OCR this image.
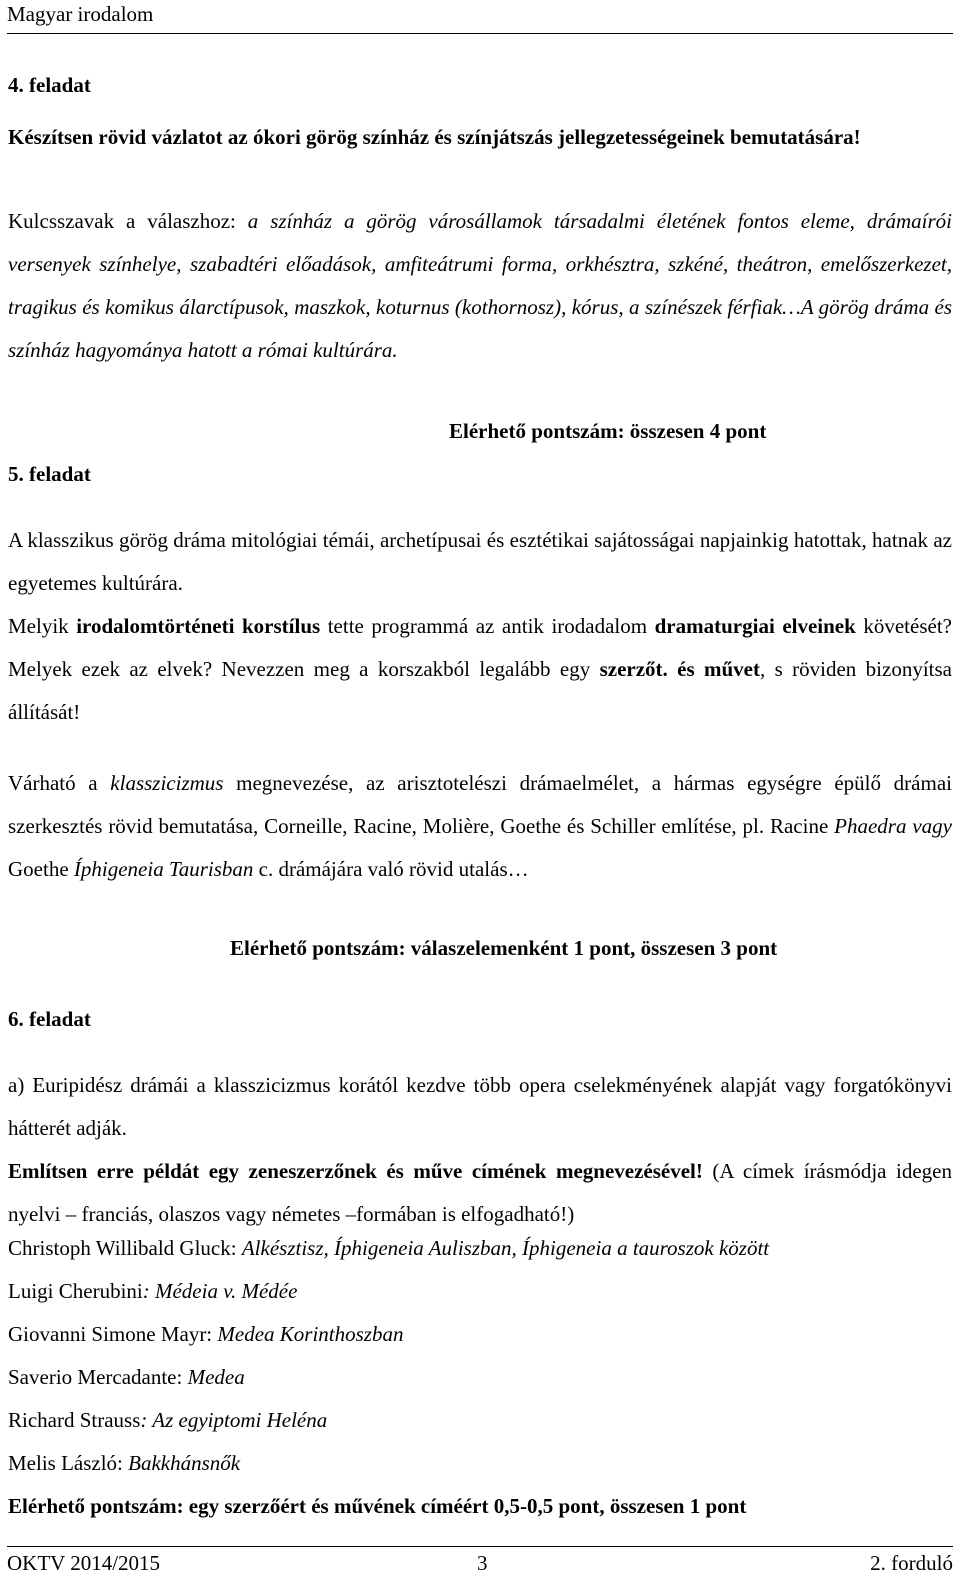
Magyar irodalom
4. feladat
Készítsen rövid vázlatot az ókori görög színház és színjátszás jellegzetességeinek bemutatására!
Kulcsszavak a válaszhoz: a színház a görög városállamok társadalmi életének fontos eleme, drámaírói versenyek színhelye, szabadtéri előadások, amfiteátrumi forma, orkhésztra, szkéné, theátron, emelőszerkezet, tragikus és komikus álarctípusok, maszkok, koturnus (kothornosz), kórus, a színészek férfiak…A görög dráma és színház hagyománya hatott a római kultúrára.
Elérhető pontszám: összesen 4 pont
5. feladat
A klasszikus görög dráma mitológiai témái, archetípusai és esztétikai sajátosságai napjainkig hatottak, hatnak az egyetemes kultúrára.
Melyik irodalomtörténeti korstílus tette programmá az antik irodadalom dramaturgiai elveinek követését? Melyek ezek az elvek? Nevezzen meg a korszakból legalább egy szerzőt. és művet, s röviden bizonyítsa állítását!
Várható a klasszicizmus megnevezése, az arisztotelészi drámaelmélet, a hármas egységre épülő drámai szerkesztés rövid bemutatása, Corneille, Racine, Molière, Goethe és Schiller említése, pl. Racine Phaedra vagy Goethe Íphigeneia Taurisban c. drámájára való rövid utalás…
Elérhető pontszám: válaszelemenként 1 pont, összesen 3 pont
6. feladat
a) Euripidész drámái a klasszicizmus korától kezdve több opera cselekményének alapját vagy forgatókönyvi hátterét adják.
Említsen erre példát egy zeneszerzőnek és műve címének megnevezésével! (A címek írásmódja idegen nyelvi – franciás, olaszos vagy németes –formában is elfogadható!)
Christoph Willibald Gluck: Alkésztisz, Íphigeneia Auliszban, Íphigeneia a tauroszok között
Luigi Cherubini: Médeia v. Médée
Giovanni Simone Mayr: Medea Korinthoszban
Saverio Mercadante: Medea
Richard Strauss: Az egyiptomi Heléna
Melis László: Bakkhánsnők
Elérhető pontszám: egy szerzőért és művének címéért 0,5-0,5 pont, összesen 1 pont
OKTV 2014/2015	3	2. forduló
